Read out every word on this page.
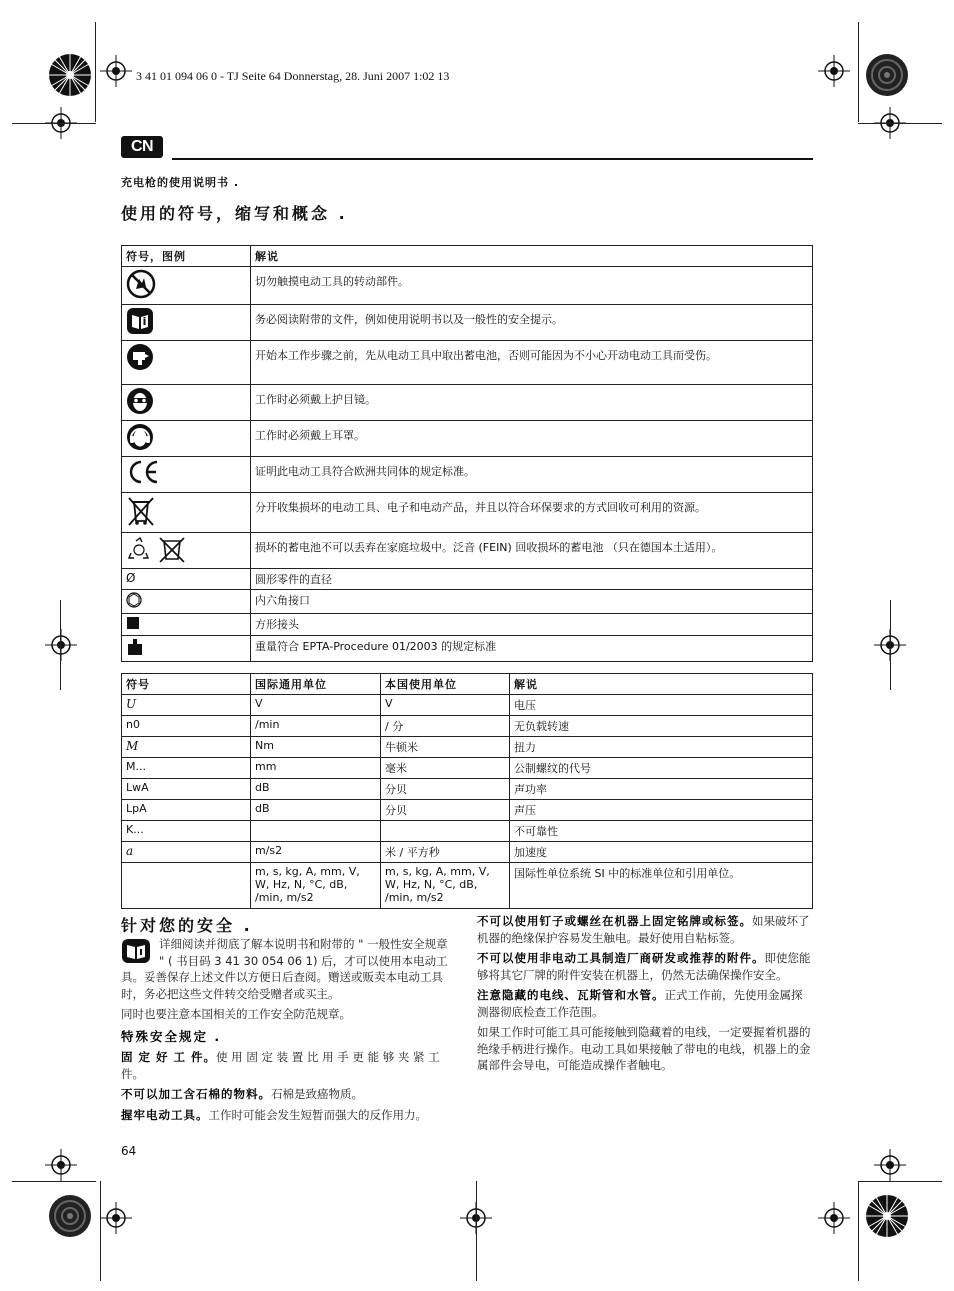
3 41 01 094 06 0 - TJ Seite 64 Donnerstag, 28. Juni 2007 1:02 13
CN
充电枪的使用说明书 .
使用的符号，缩写和概念 .
符号，图例	解说
	切勿触摸电动工具的转动部件。
	务必阅读附带的文件，例如使用说明书以及一般性的安全提示。
	开始本工作步骤之前，先从电动工具中取出蓄电池，否则可能因为不小心开动电动工具而受伤。
	工作时必须戴上护目镜。
	工作时必须戴上耳罩。
	证明此电动工具符合欧洲共同体的规定标准。
	分开收集损坏的电动工具、电子和电动产品，并且以符合环保要求的方式回收可利用的资源。
	损坏的蓄电池不可以丢弃在家庭垃圾中。泛音 (FEIN) 回收损坏的蓄电池 （只在德国本土适用）。
Ø	圆形零件的直径
	内六角接口
	方形接头
	重量符合 EPTA-Procedure 01/2003 的规定标准
符号	国际通用单位	本国使用单位	解说
U	V	V	电压
n0	/min	/ 分	无负载转速
M	Nm	牛顿米	扭力
M...	mm	毫米	公制螺纹的代号
LwA	dB	分贝	声功率
LpA	dB	分贝	声压
K...			不可靠性
a	m/s2	米 / 平方秒	加速度
	m, s, kg, A, mm, V, W, Hz, N, °C, dB, /min, m/s2	m, s, kg, A, mm, V, W, Hz, N, °C, dB, /min, m/s2	国际性单位系统 SI 中的标准单位和引用单位。
针对您的安全 .

详细阅读并彻底了解本说明书和附带的 " 一般性安全规章 " ( 书目码 3 41 30 054 06 1) 后，才可以使用本电动工具。妥善保存上述文件以方便日后查阅。赠送或贩卖本电动工具时，务必把这些文件转交给受赠者或买主。

同时也要注意本国相关的工作安全防范规章。

特殊安全规定 .

固 定 好 工 件。使 用 固 定 装 置 比 用 手 更 能 够 夹 紧 工件。

不可以加工含石棉的物料。石棉是致癌物质。

握牢电动工具。工作时可能会发生短暂而强大的反作用力。

不可以使用钉子或螺丝在机器上固定铭牌或标签。如果破坏了机器的绝缘保护容易发生触电。最好使用自粘标签。

不可以使用非电动工具制造厂商研发或推荐的附件。即使您能够将其它厂牌的附件安装在机器上，仍然无法确保操作安全。

注意隐藏的电线、瓦斯管和水管。正式工作前，先使用金属探测器彻底检查工作范围。

如果工作时可能工具可能接触到隐藏着的电线，一定要握着机器的绝缘手柄进行操作。电动工具如果接触了带电的电线，机器上的金属部件会导电，可能造成操作者触电。

64
